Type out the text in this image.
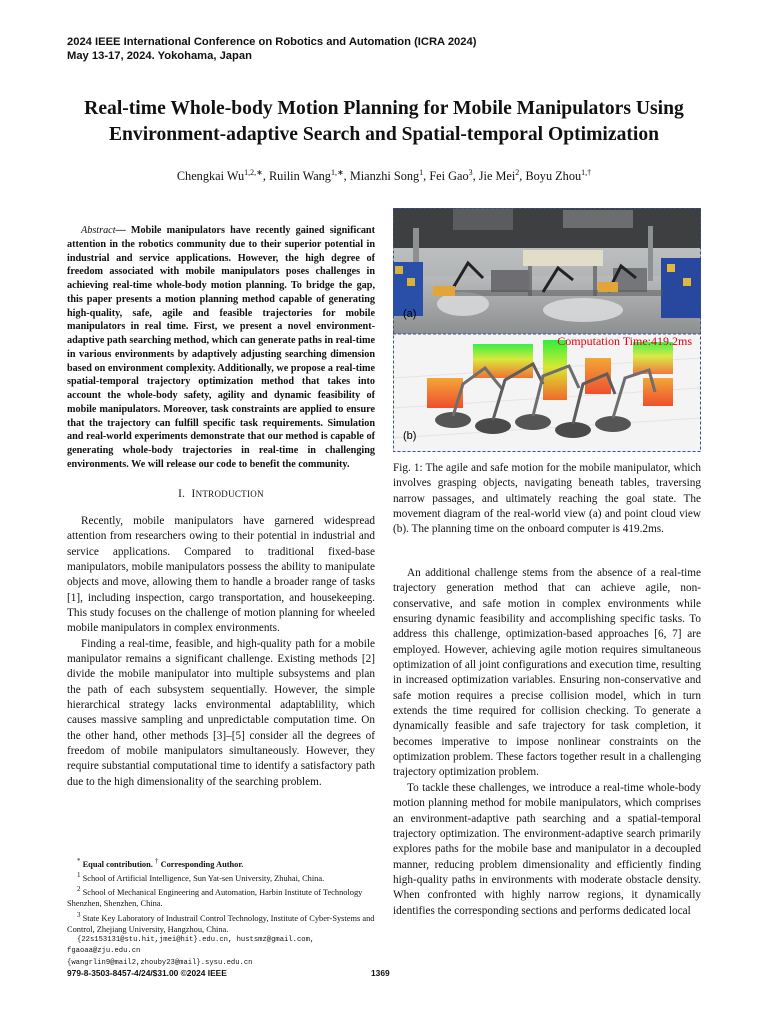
2024 IEEE International Conference on Robotics and Automation (ICRA 2024)
May 13-17, 2024. Yokohama, Japan
Real-time Whole-body Motion Planning for Mobile Manipulators Using
Environment-adaptive Search and Spatial-temporal Optimization
Chengkai $Wu^{1,2,∗}$, Ruilin Wang$^{1,∗}$, Mianzhi Song$^1$, Fei Gao$^3$, Jie Mei$^2$, Boyu Zhou$^{1,\dagger}$

Abstract— Mobile manipulators have recently gained significant attention in the robotics community due to their superior potential in industrial and service applications. However, the high degree of freedom associated with mobile manipulators poses challenges in achieving real-time whole-body motion planning. To bridge the gap, this paper presents a motion planning method capable of generating high-quality, safe, agile and feasible trajectories for mobile manipulators in real time. First, we present a novel environment-adaptive path searching method, which can generate paths in real-time in various environments by adaptively adjusting searching dimension based on environment complexity. Additionally, we propose a real-time spatial-temporal trajectory optimization method that takes into account the whole-body safety, agility and dynamic feasibility of mobile manipulators. Moreover, task constraints are applied to ensure that the trajectory can fulfill specific task requirements. Simulation and real-world experiments demonstrate that our method is capable of generating whole-body trajectories in real-time in challenging environments. We will release our code to benefit the community.

I. INTRODUCTION

Recently, mobile manipulators have garnered widespread attention from researchers owing to their potential in industrial and service applications. Compared to traditional fixed-base manipulators, mobile manipulators possess the ability to manipulate objects and move, allowing them to handle a broader range of tasks [1], including inspection, cargo transportation, and housekeeping. This study focuses on the challenge of motion planning for wheeled mobile manipulators in complex environments.

Finding a real-time, feasible, and high-quality path for a mobile manipulator remains a significant challenge. Existing methods [2] divide the mobile manipulator into multiple subsystems and plan the path of each subsystem sequentially. However, the simple hierarchical strategy lacks environmental adaptablility, which causes massive sampling and unpredictable computation time. On the other hand, other methods [3]–[5] consider all the degrees of freedom of mobile manipulators simultaneously. However, they require substantial computational time to identify a satisfactory path due to the high dimensionality of the searching problem.

* Equal contribution. † Corresponding Author.
$^1$ School of Artificial Intelligence, Sun Yat-sen University, Zhuhai, China.
$^2$ School of Mechanical Engineering and Automation, Harbin Institute of Technology Shenzhen, Shenzhen, China.
$^3$ State Key Laboratory of Industrail Control Technology, Institute of Cyber-Systems and Control, Zhejiang University, Hangzhou, China.
{22s153131@stu.hit,jmei@hit}.edu.cn, hustsmz@gmail.com, fgaoaa@zju.edu.cn
{wangrlin9@mail2,zhouby23@mail}.sysu.edu.cn
(a)
(b)
Computation Time:419.2ms
Fig. 1: The agile and safe motion for the mobile manipulator, which involves grasping objects, navigating beneath tables, traversing narrow passages, and ultimately reaching the goal state. The movement diagram of the real-world view (a) and point cloud view (b). The planning time on the onboard computer is 419.2ms.

An additional challenge stems from the absence of a real-time trajectory generation method that can achieve agile, non-conservative, and safe motion in complex environments while ensuring dynamic feasibility and accomplishing specific tasks. To address this challenge, optimization-based approaches [6, 7] are employed. However, achieving agile motion requires simultaneous optimization of all joint configurations and execution time, resulting in increased optimization variables. Ensuring non-conservative and safe motion requires a precise collision model, which in turn extends the time required for collision checking. To generate a dynamically feasible and safe trajectory for task completion, it becomes imperative to impose nonlinear constraints on the optimization problem. These factors together result in a challenging trajectory optimization problem.

To tackle these challenges, we introduce a real-time whole-body motion planning method for mobile manipulators, which comprises an environment-adaptive path searching and a spatial-temporal trajectory optimization. The environment-adaptive search primarily explores paths for the mobile base and manipulator in a decoupled manner, reducing problem dimensionality and efficiently finding high-quality paths in environments with moderate obstacle density. When confronted with highly narrow regions, it dynamically identifies the corresponding sections and performs dedicated local

979-8-3503-8457-4/24/$31.00 ©2024 IEEE	1369
